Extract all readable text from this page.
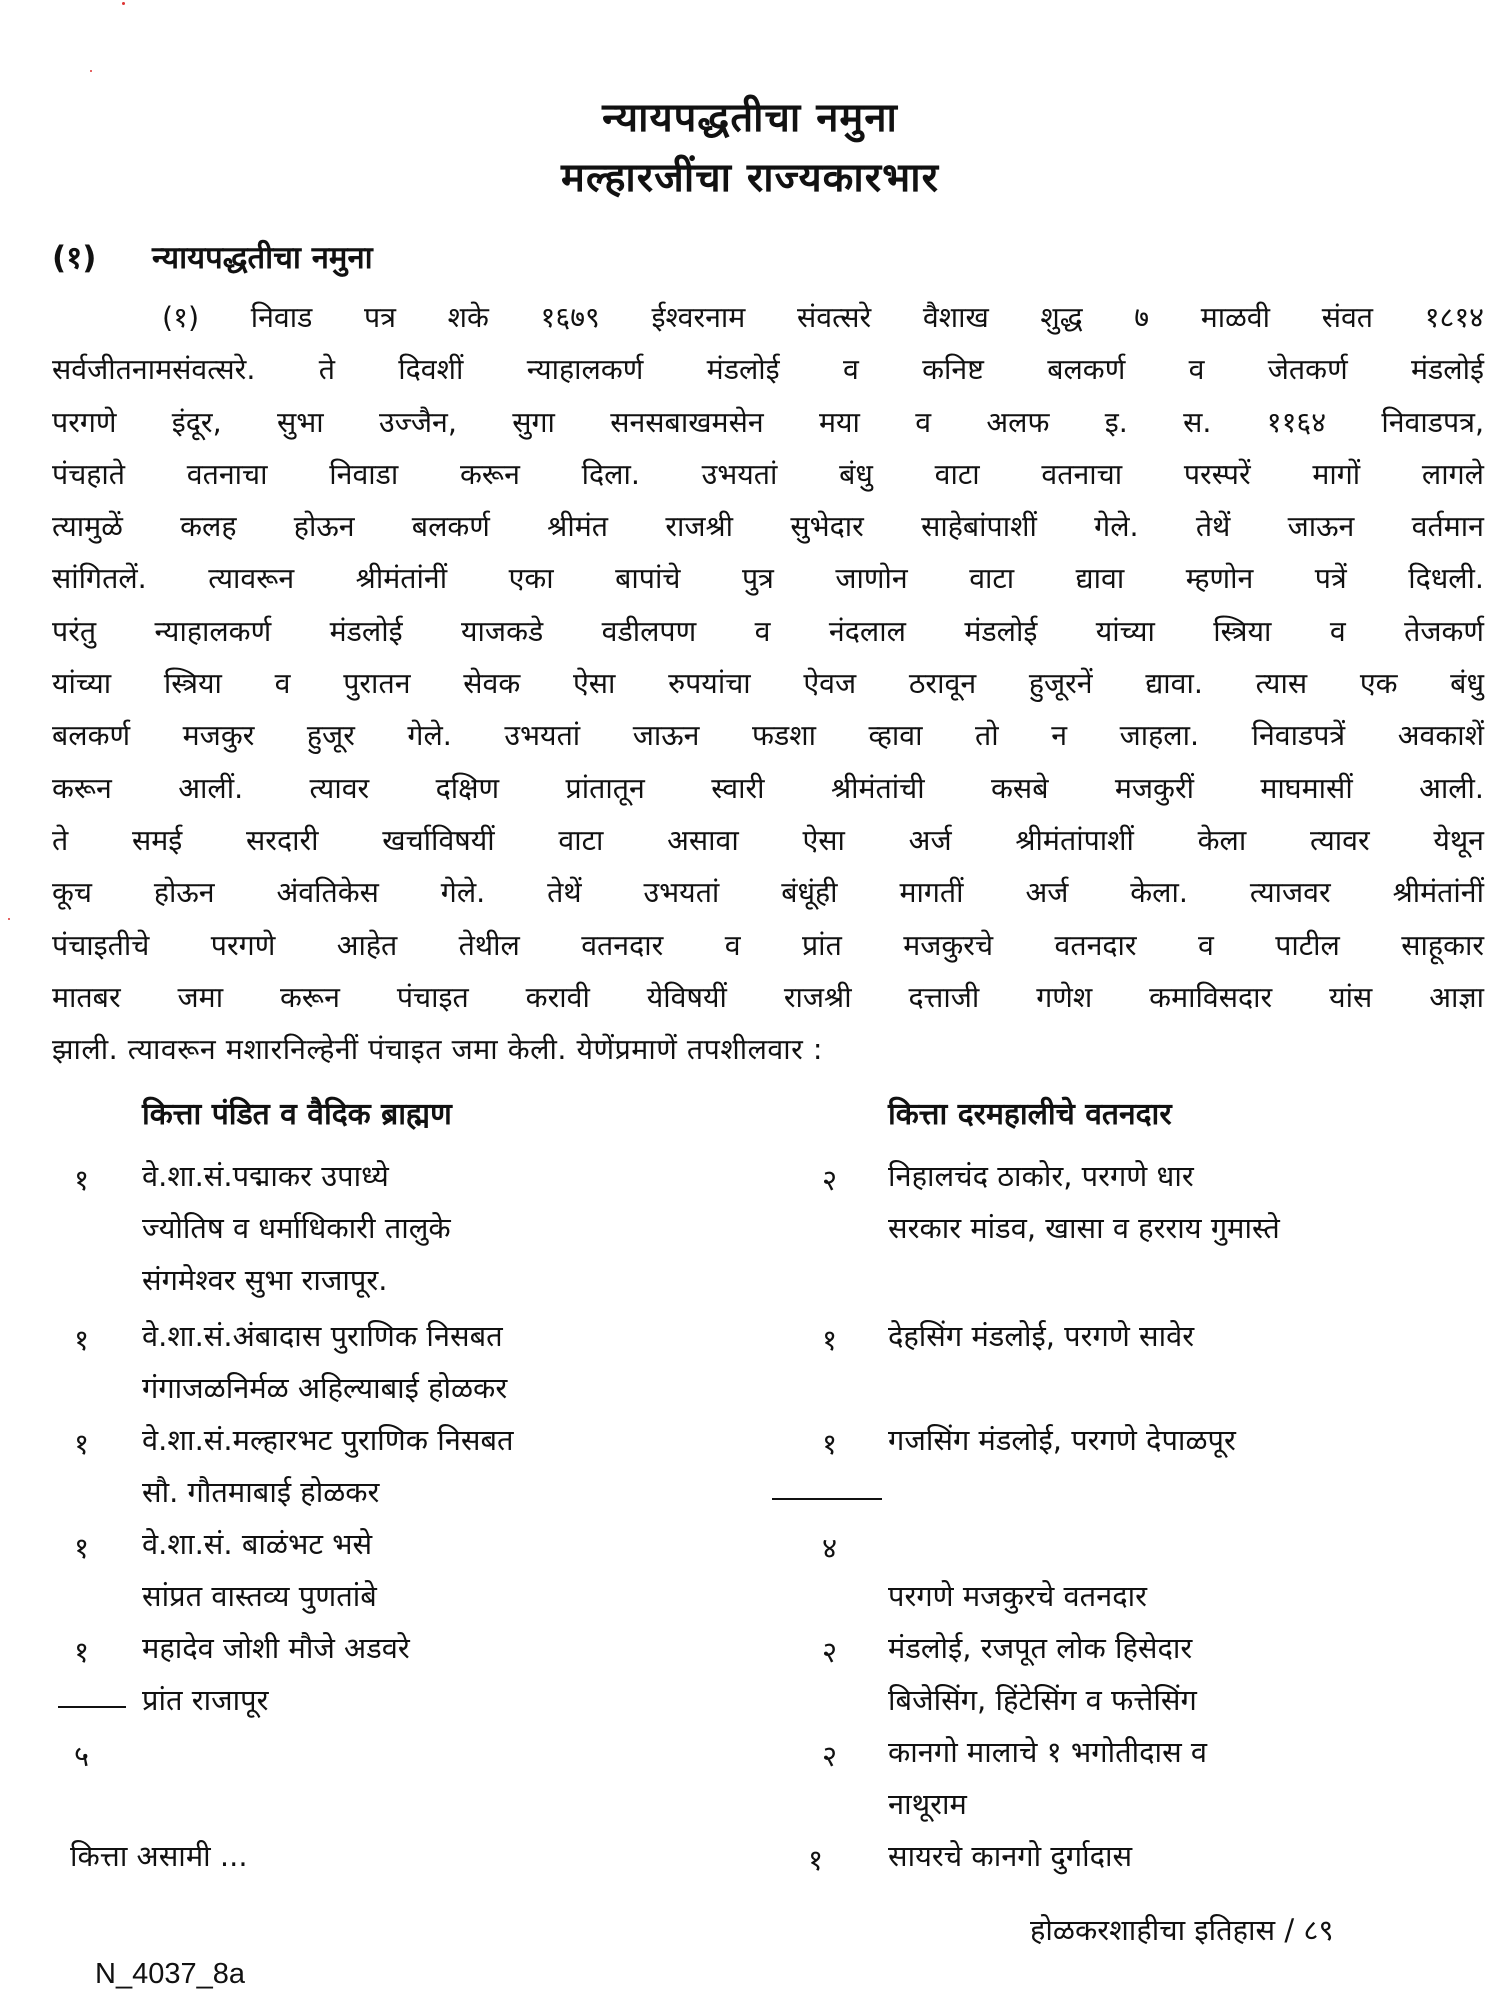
न्यायपद्धतीचा नमुना
मल्हारजींचा राज्यकारभार
(१) न्यायपद्धतीचा नमुना
(१) निवाड पत्र शके १६७९ ईश्वरनाम संवत्सरे वैशाख शुद्ध ७ माळवी संवत १८१४
सर्वजीतनामसंवत्सरे. ते दिवशीं न्याहालकर्ण मंडलोई व कनिष्ट बलकर्ण व जेतकर्ण मंडलोई
परगणे इंदूर, सुभा उज्जैन, सुगा सनसबाखमसेन मया व अलफ इ. स. ११६४ निवाडपत्र,
पंचहाते वतनाचा निवाडा करून दिला. उभयतां बंधु वाटा वतनाचा परस्परें मागों लागले
त्यामुळें कलह होऊन बलकर्ण श्रीमंत राजश्री सुभेदार साहेबांपाशीं गेले. तेथें जाऊन वर्तमान
सांगितलें. त्यावरून श्रीमंतांनीं एका बापांचे पुत्र जाणोन वाटा द्यावा म्हणोन पत्रें दिधली.
परंतु न्याहालकर्ण मंडलोई याजकडे वडीलपण व नंदलाल मंडलोई यांच्या स्त्रिया व तेजकर्ण
यांच्या स्त्रिया व पुरातन सेवक ऐसा रुपयांचा ऐवज ठरावून हुजूरनें द्यावा. त्यास एक बंधु
बलकर्ण मजकुर हुजूर गेले. उभयतां जाऊन फडशा व्हावा तो न जाहला. निवाडपत्रें अवकाशें
करून आलीं. त्यावर दक्षिण प्रांतातून स्वारी श्रीमंतांची कसबे मजकुरीं माघमासीं आली.
ते समई सरदारी खर्चाविषयीं वाटा असावा ऐसा अर्ज श्रीमंतांपाशीं केला त्यावर येथून
कूच होऊन अंवतिकेस गेले. तेथें उभयतां बंधूंही मागतीं अर्ज केला. त्याजवर श्रीमंतांनीं
पंचाइतीचे परगणे आहेत तेथील वतनदार व प्रांत मजकुरचे वतनदार व पाटील साहूकार
मातबर जमा करून पंचाइत करावी येविषयीं राजश्री दत्ताजी गणेश कमाविसदार यांस आज्ञा
झाली. त्यावरून मशारनिल्हेनीं पंचाइत जमा केली. येणेंप्रमाणें तपशीलवार :
कित्ता पंडित व वैदिक ब्राह्मण	कित्ता दरमहालीचे वतनदार
१ वे.शा.सं.पद्माकर उपाध्ये
ज्योतिष व धर्माधिकारी तालुके
संगमेश्वर सुभा राजापूर.
१ वे.शा.सं.अंबादास पुराणिक निसबत
गंगाजळनिर्मळ अहिल्याबाई होळकर
१ वे.शा.सं.मल्हारभट पुराणिक निसबत
सौ. गौतमाबाई होळकर
१ वे.शा.सं. बाळंभट भसे
सांप्रत वास्तव्य पुणतांबे
१ महादेव जोशी मौजे अडवरे
प्रांत राजापूर
५
कित्ता असामी ...
२ निहालचंद ठाकोर, परगणे धार
सरकार मांडव, खासा व हरराय गुमास्ते
१ देहसिंग मंडलोई, परगणे सावेर
१ गजसिंग मंडलोई, परगणे देपाळपूर
४
परगणे मजकुरचे वतनदार
२ मंडलोई, रजपूत लोक हिसेदार
बिजेसिंग, हिंटेसिंग व फत्तेसिंग
२ कानगो मालाचे १ भगोतीदास व
नाथूराम
१ सायरचे कानगो दुर्गादास
होळकरशाहीचा इतिहास / ८९
N_4037_8a
